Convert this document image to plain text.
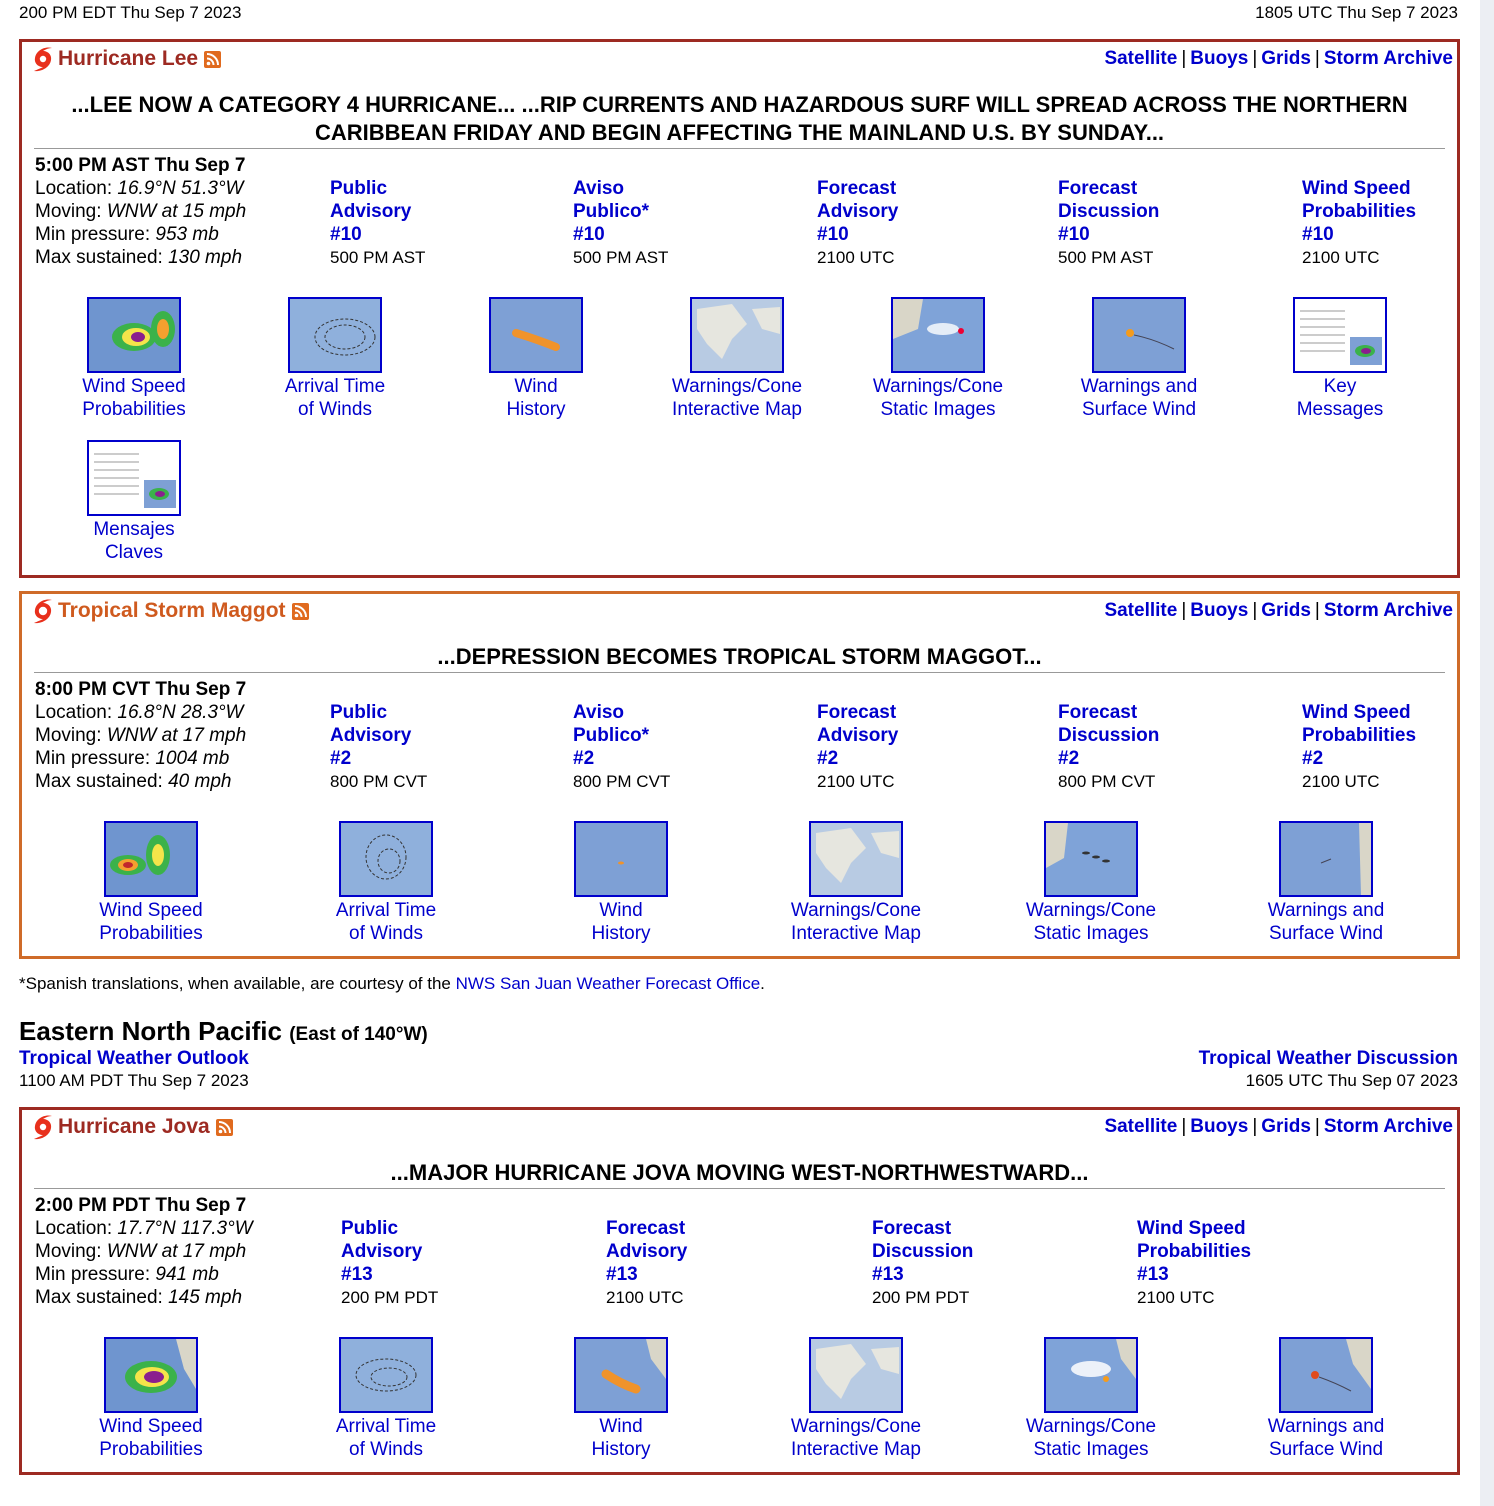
200 PM EDT Thu Sep 7 2023	1805 UTC Thu Sep 7 2023
Hurricane Lee	Satellite | Buoys | Grids | Storm Archive
...LEE NOW A CATEGORY 4 HURRICANE... ...RIP CURRENTS AND HAZARDOUS SURF WILL SPREAD ACROSS THE NORTHERN CARIBBEAN FRIDAY AND BEGIN AFFECTING THE MAINLAND U.S. BY SUNDAY...
5:00 PM AST Thu Sep 7
Location: 16.9°N 51.3°W
Moving: WNW at 15 mph
Min pressure: 953 mb
Max sustained: 130 mph
Public
Advisory
#10
500 PM AST
Aviso
Publico*
#10
500 PM AST
Forecast
Advisory
#10
2100 UTC
Forecast
Discussion
#10
500 PM AST
Wind Speed
Probabilities
#10
2100 UTC
Wind Speed
Probabilities
Arrival Time
of Winds
Wind
History
Warnings/Cone
Interactive Map
Warnings/Cone
Static Images
Warnings and
Surface Wind
Key
Messages
Mensajes
Claves
Tropical Storm Maggot	Satellite | Buoys | Grids | Storm Archive
...DEPRESSION BECOMES TROPICAL STORM MAGGOT...
8:00 PM CVT Thu Sep 7
Location: 16.8°N 28.3°W
Moving: WNW at 17 mph
Min pressure: 1004 mb
Max sustained: 40 mph
Public
Advisory
#2
800 PM CVT
Aviso
Publico*
#2
800 PM CVT
Forecast
Advisory
#2
2100 UTC
Forecast
Discussion
#2
800 PM CVT
Wind Speed
Probabilities
#2
2100 UTC
Wind Speed
Probabilities
Arrival Time
of Winds
Wind
History
Warnings/Cone
Interactive Map
Warnings/Cone
Static Images
Warnings and
Surface Wind
*Spanish translations, when available, are courtesy of the NWS San Juan Weather Forecast Office.
Eastern North Pacific (East of 140°W)
Tropical Weather Outlook
1100 AM PDT Thu Sep 7 2023
Tropical Weather Discussion
1605 UTC Thu Sep 07 2023
Hurricane Jova	Satellite | Buoys | Grids | Storm Archive
...MAJOR HURRICANE JOVA MOVING WEST-NORTHWESTWARD...
2:00 PM PDT Thu Sep 7
Location: 17.7°N 117.3°W
Moving: WNW at 17 mph
Min pressure: 941 mb
Max sustained: 145 mph
Public
Advisory
#13
200 PM PDT
Forecast
Advisory
#13
2100 UTC
Forecast
Discussion
#13
200 PM PDT
Wind Speed
Probabilities
#13
2100 UTC
Wind Speed
Probabilities
Arrival Time
of Winds
Wind
History
Warnings/Cone
Interactive Map
Warnings/Cone
Static Images
Warnings and
Surface Wind
